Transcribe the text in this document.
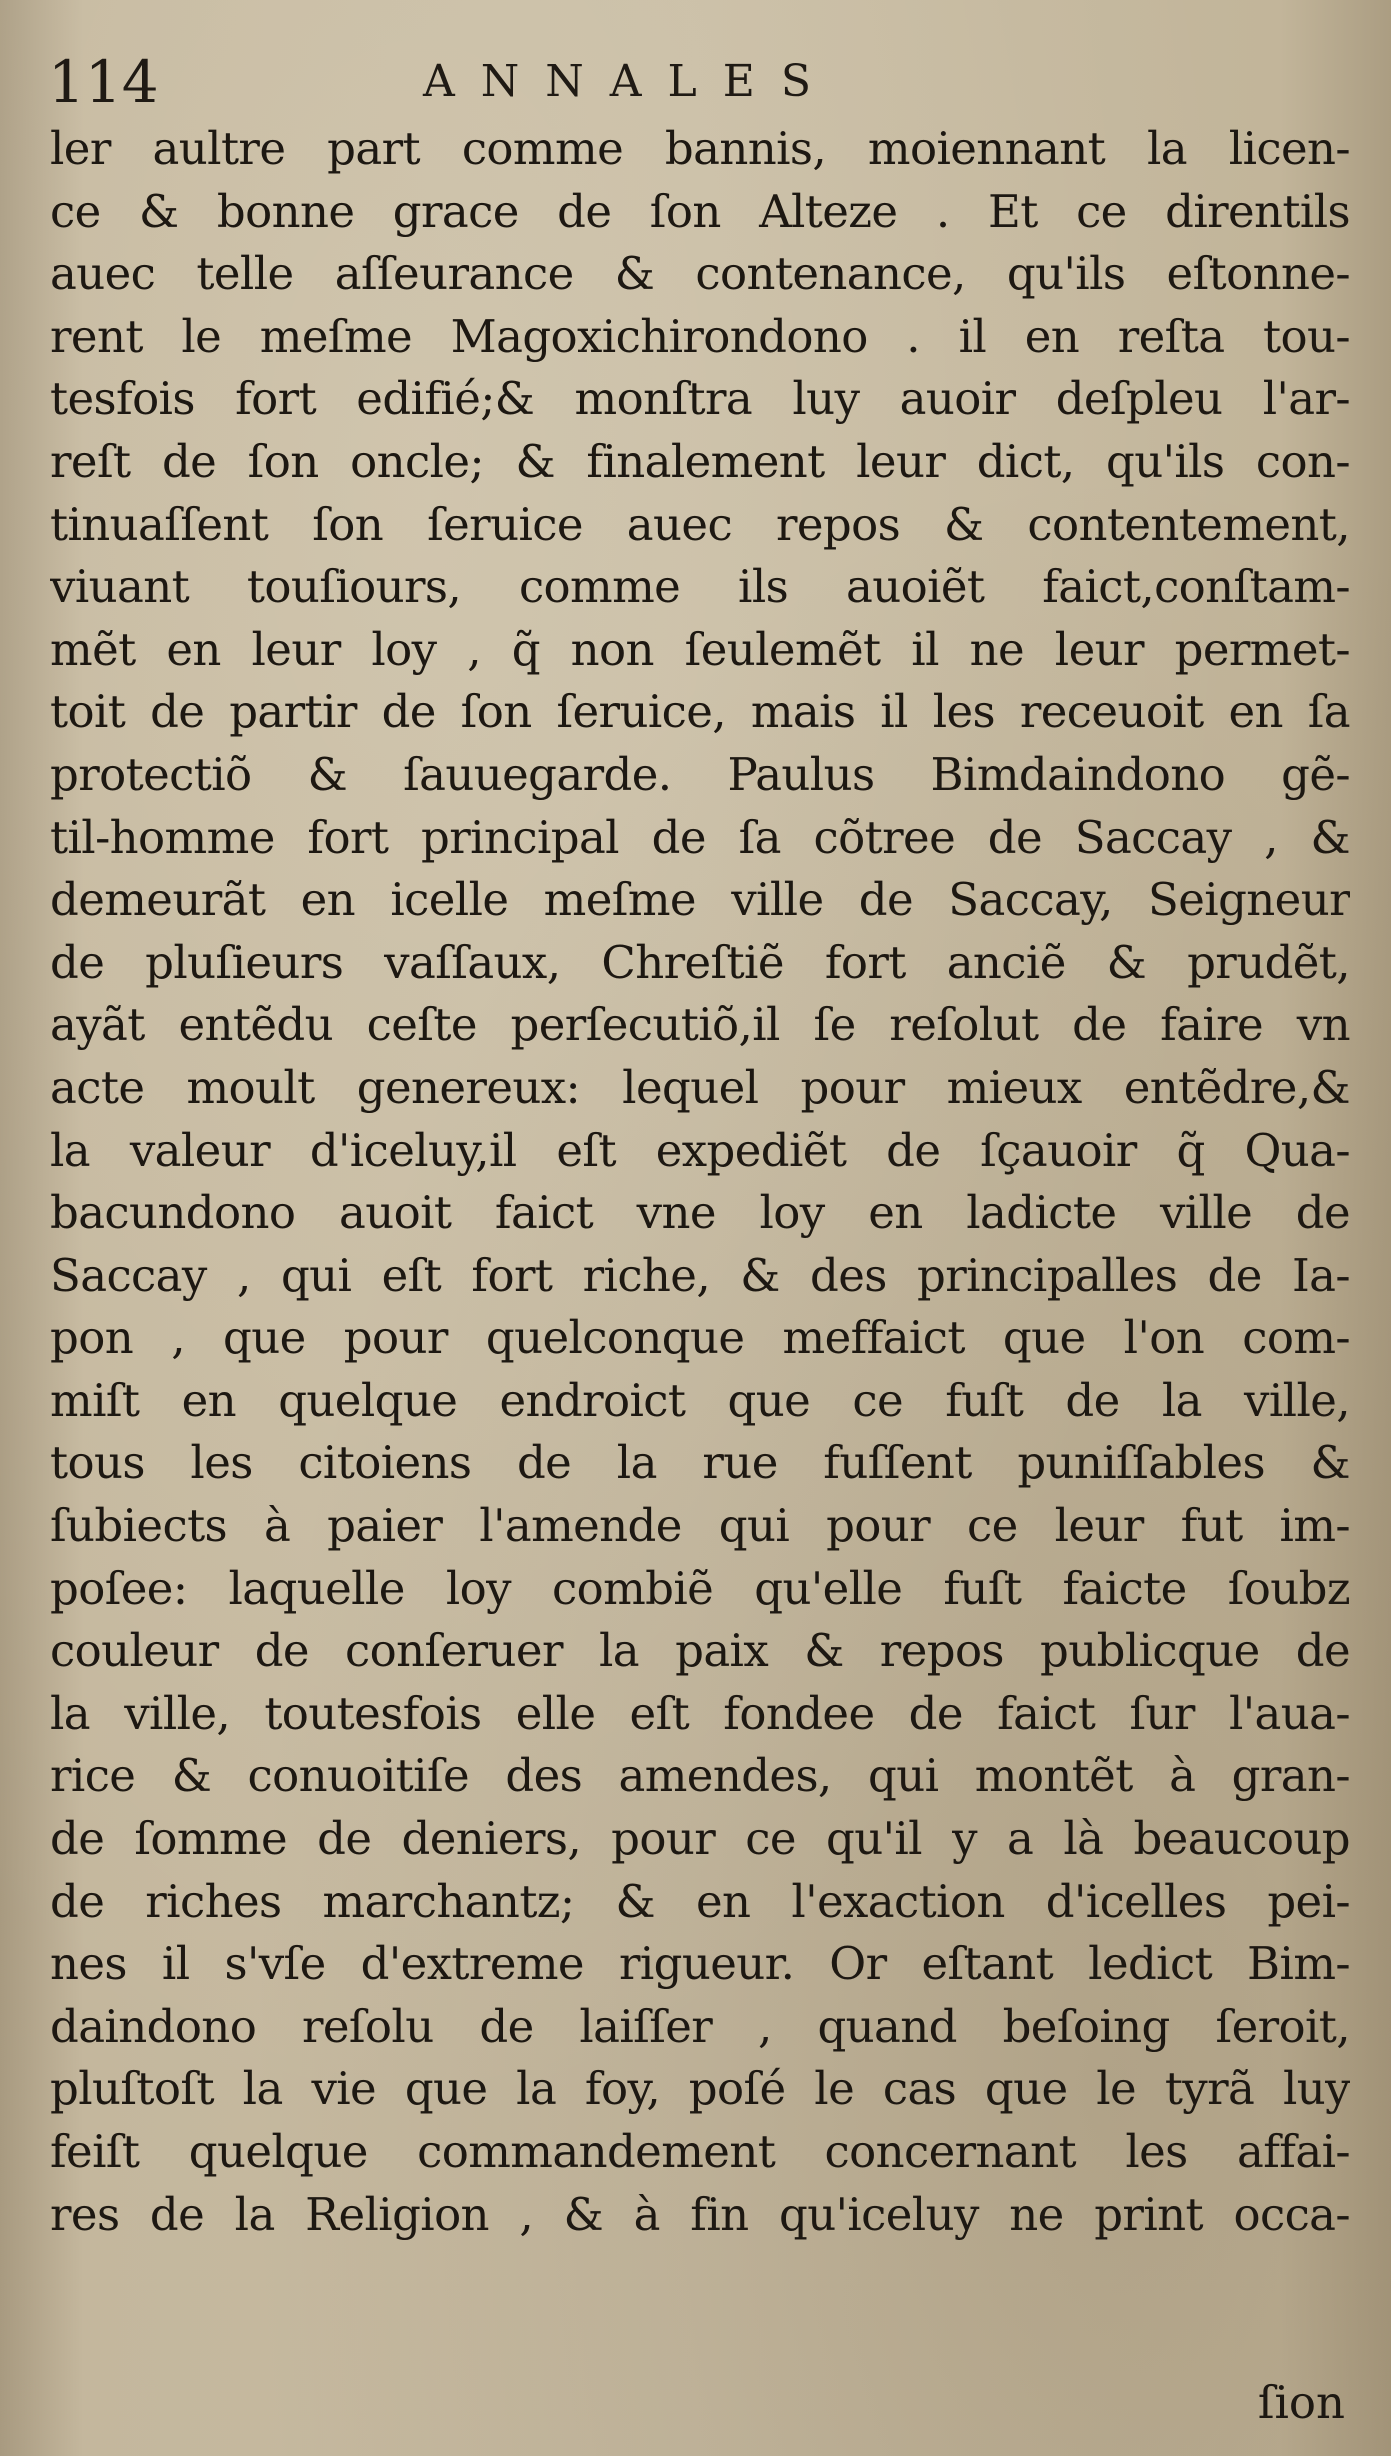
114	ANNALES
ler aultre part comme bannis, moiennant la licen-
ce & bonne grace de ſon Alteze . Et ce direntils
auec telle aſſeurance & contenance, qu'ils eſtonne-
rent le meſme Magoxichirondono . il en reſta tou-
tesfois fort edifié;& monſtra luy auoir deſpleu l'ar-
reſt de ſon oncle; & finalement leur dict, qu'ils con-
tinuaſſent ſon ſeruice auec repos & contentement,
viuant touſiours, comme ils auoiẽt faict,conſtam-
mẽt en leur loy , q̃ non ſeulemẽt il ne leur permet-
toit de partir de ſon ſeruice, mais il les receuoit en ſa
protectiõ & ſauuegarde. Paulus Bimdaindono gẽ-
til-homme fort principal de ſa cõtree de Saccay , &
demeurãt en icelle meſme ville de Saccay, Seigneur
de pluſieurs vaſſaux, Chreſtiẽ fort anciẽ & prudẽt,
ayãt entẽdu ceſte perſecutiõ,il ſe reſolut de faire vn
acte moult genereux: lequel pour mieux entẽdre,&
la valeur d'iceluy,il eſt expediẽt de ſçauoir q̃ Qua-
bacundono auoit faict vne loy en ladicte ville de
Saccay , qui eſt fort riche, & des principalles de Ia-
pon , que pour quelconque meffaict que l'on com-
miſt en quelque endroict que ce fuſt de la ville,
tous les citoiens de la rue fuſſent puniſſables &
ſubiects à paier l'amende qui pour ce leur fut im-
poſee: laquelle loy combiẽ qu'elle fuſt faicte ſoubz
couleur de conſeruer la paix & repos publicque de
la ville, toutesfois elle eſt fondee de faict ſur l'aua-
rice & conuoitiſe des amendes, qui montẽt à gran-
de ſomme de deniers, pour ce qu'il y a là beaucoup
de riches marchantz; & en l'exaction d'icelles pei-
nes il s'vſe d'extreme rigueur. Or eſtant ledict Bim-
daindono reſolu de laiſſer , quand beſoing ſeroit,
pluſtoſt la vie que la foy, poſé le cas que le tyrã luy
feiſt quelque commandement concernant les affai-
res de la Religion , & à fin qu'iceluy ne print occa-
ſion
